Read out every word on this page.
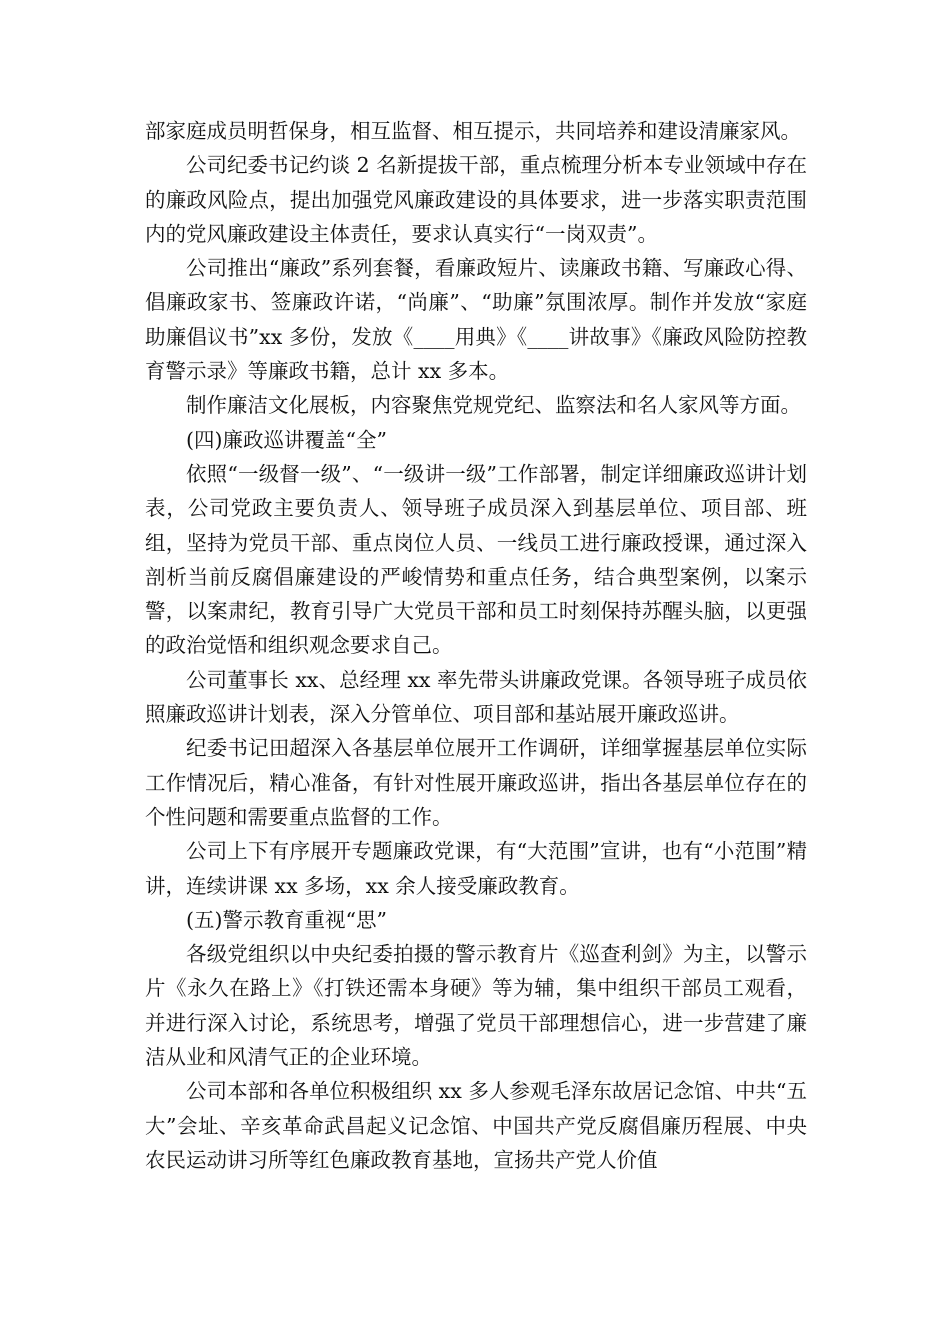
部家庭成员明哲保身，相互监督、相互提示，共同培养和建设清廉家风。

公司纪委书记约谈 2 名新提拔干部，重点梳理分析本专业领域中存在的廉政风险点，提出加强党风廉政建设的具体要求，进一步落实职责范围内的党风廉政建设主体责任，要求认真实行“一岗双责”。

公司推出“廉政”系列套餐，看廉政短片、读廉政书籍、写廉政心得、倡廉政家书、签廉政许诺，“尚廉”、“助廉”氛围浓厚。制作并发放“家庭助廉倡议书”xx 多份，发放《____用典》《____讲故事》《廉政风险防控教育警示录》等廉政书籍，总计 xx 多本。

制作廉洁文化展板，内容聚焦党规党纪、监察法和名人家风等方面。

(四)廉政巡讲覆盖“全”

依照“一级督一级”、“一级讲一级”工作部署，制定详细廉政巡讲计划表，公司党政主要负责人、领导班子成员深入到基层单位、项目部、班组，坚持为党员干部、重点岗位人员、一线员工进行廉政授课，通过深入剖析当前反腐倡廉建设的严峻情势和重点任务，结合典型案例，以案示警，以案肃纪，教育引导广大党员干部和员工时刻保持苏醒头脑，以更强的政治觉悟和组织观念要求自己。

公司董事长 xx、总经理 xx 率先带头讲廉政党课。各领导班子成员依照廉政巡讲计划表，深入分管单位、项目部和基站展开廉政巡讲。

纪委书记田超深入各基层单位展开工作调研，详细掌握基层单位实际工作情况后，精心准备，有针对性展开廉政巡讲，指出各基层单位存在的个性问题和需要重点监督的工作。

公司上下有序展开专题廉政党课，有“大范围”宣讲，也有“小范围”精讲，连续讲课 xx 多场，xx 余人接受廉政教育。

(五)警示教育重视“思”

各级党组织以中央纪委拍摄的警示教育片《巡查利剑》为主，以警示片《永久在路上》《打铁还需本身硬》等为辅，集中组织干部员工观看，并进行深入讨论，系统思考，增强了党员干部理想信心，进一步营建了廉洁从业和风清气正的企业环境。

公司本部和各单位积极组织 xx 多人参观毛泽东故居记念馆、中共“五大”会址、辛亥革命武昌起义记念馆、中国共产党反腐倡廉历程展、中央农民运动讲习所等红色廉政教育基地，宣扬共产党人价值
